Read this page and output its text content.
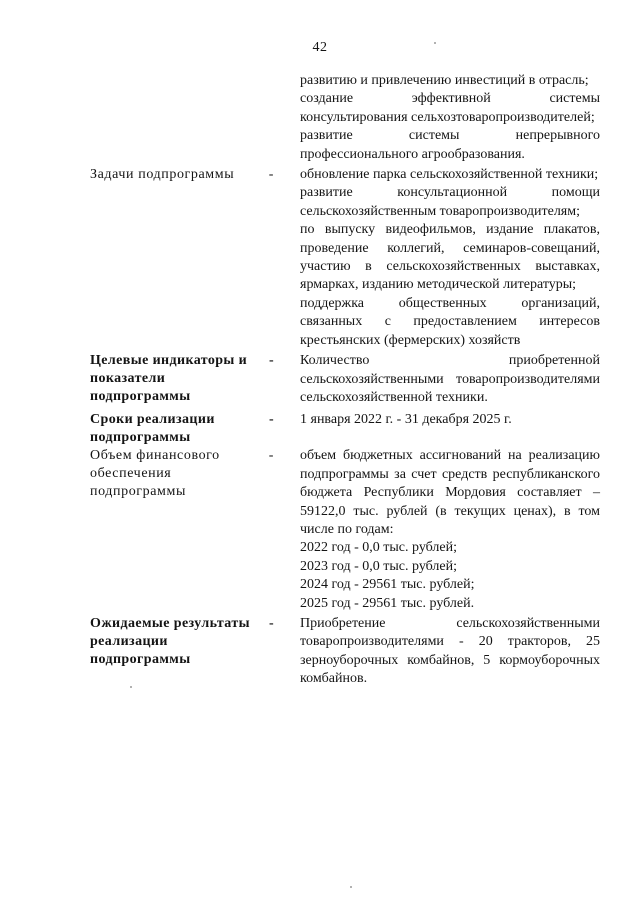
42

развитию и привлечению инвестиций в отрасль;

создание эффективной системы консультирования сельхозтоваропроизводителей;

развитие системы непрерывного профессионального агрообразования.

Задачи подпрограммы	- обновление парка сельскохозяйственной техники;

развитие консультационной помощи сельскохозяйственным товаропроизводителям;

по выпуску видеофильмов, издание плакатов, проведение коллегий, семинаров-совещаний, участию в сельскохозяйственных выставках, ярмарках, изданию методической литературы;

поддержка общественных организаций, связанных с предоставлением интересов крестьянских (фермерских) хозяйств

Целевые индикаторы и
показатели
подпрограммы
- Количество приобретенной сельскохозяйственными товаропроизводителями сельскохозяйственной техники.

Сроки реализации
подпрограммы
- 1 января 2022 г. - 31 декабря 2025 г.

Объем финансового
обеспечения
подпрограммы
- объем бюджетных ассигнований на реализацию подпрограммы за счет средств республиканского бюджета Республики Мордовия составляет – 59122,0 тыс. рублей (в текущих ценах), в том числе по годам:

2022 год - 0,0 тыс. рублей;

2023 год - 0,0 тыс. рублей;

2024 год - 29561 тыс. рублей;

2025 год - 29561 тыс. рублей.

Ожидаемые результаты
реализации
подпрограммы
- Приобретение сельскохозяйственными товаропроизводителями - 20 тракторов, 25 зерноуборочных комбайнов, 5 кормоуборочных комбайнов.
